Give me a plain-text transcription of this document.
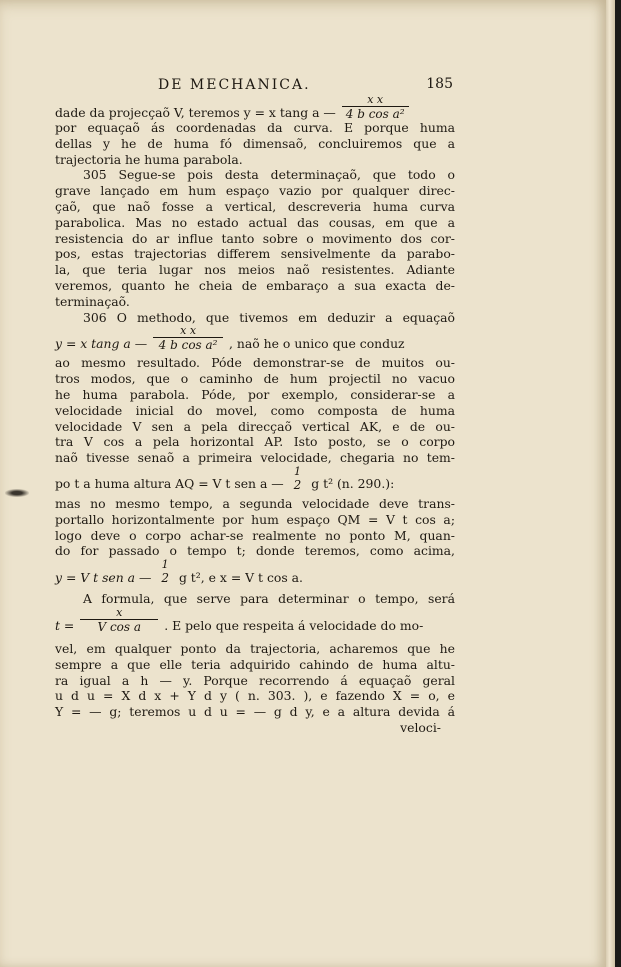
DE MECHANICA.	185
dade da projecçaõ V, teremos y = x tang a — $\frac{\text{x x}}{\text{4 b cos a²}}$
por equaçaõ ás coordenadas da curva. E porque huma
dellas y he de huma fó dimensaõ, concluiremos que a
trajectoria he huma parabola.
305 Segue-se pois desta determinaçaõ, que todo o
grave lançado em hum espaço vazio por qualquer direc-
çaõ, que naõ fosse a vertical, descreveria huma curva
parabolica. Mas no estado actual das cousas, em que a
resistencia do ar influe tanto sobre o movimento dos cor-
pos, estas trajectorias differem sensivelmente da parabo-
la, que teria lugar nos meios naõ resistentes. Adiante
veremos, quanto he cheia de embaraço a sua exacta de-
terminaçaõ.
306 O methodo, que tivemos em deduzir a equaçaõ
y = x tang a — $\frac{\text{x x}}{\text{4 b cos a²}}$ , naõ he o unico que conduz
ao mesmo resultado. Póde demonstrar-se de muitos ou-
tros modos, que o caminho de hum projectil no vacuo
he huma parabola. Póde, por exemplo, considerar-se a
velocidade inicial do movel, como composta de huma
velocidade V sen a pela direcçaõ vertical AK, e de ou-
tra V cos a pela horizontal AP. Isto posto, se o corpo
naõ tivesse senaõ a primeira velocidade, chegaria no tem-
po t a huma altura AQ = V t sen a —
1
2 g t² (n. 290.):
mas no mesmo tempo, a segunda velocidade deve trans-
portallo horizontalmente por hum espaço QM = V t cos a;
logo deve o corpo achar-se realmente no ponto M, quan-
do for passado o tempo t; donde teremos, como acima,
y = V t sen a —
1
2 g t², e x = V t cos a.
A formula, que serve para determinar o tempo, será
$t = \frac{x}{\text{V cos a}}$ . E pelo que respeita á velocidade do mo-
vel, em qualquer ponto da trajectoria, acharemos que he
sempre a que elle teria adquirido cahindo de huma altu-
ra igual a h — y. Porque recorrendo á equaçaõ geral
u d u = X d x + Y d y ( n. 303. ), e fazendo X = o, e
Y = — g; teremos u d u = — g d y, e a altura devida á
veloci-
